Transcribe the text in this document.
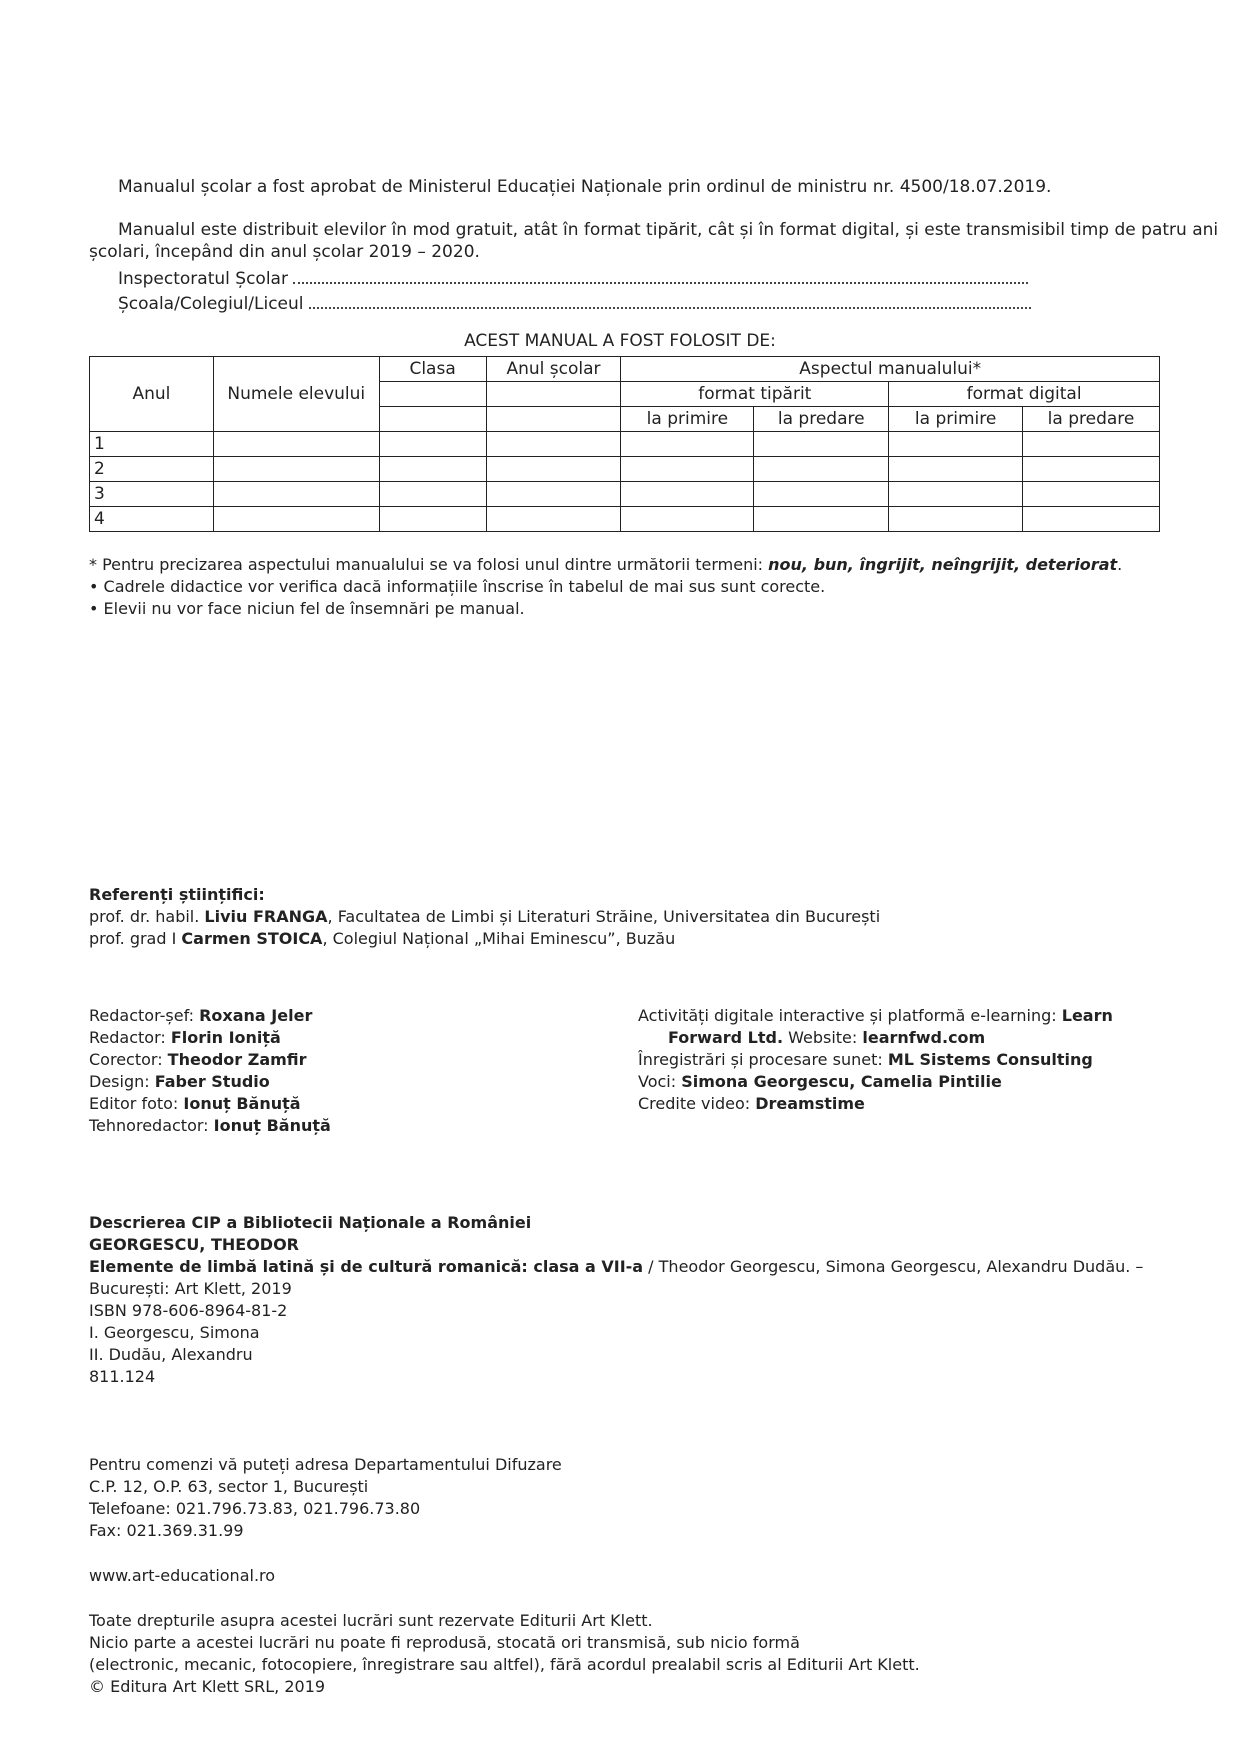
Manualul școlar a fost aprobat de Ministerul Educației Naționale prin ordinul de ministru nr. 4500/18.07.2019.
Manualul este distribuit elevilor în mod gratuit, atât în format tipărit, cât și în format digital, și este transmisibil timp de patru ani
școlari, începând din anul școlar 2019 – 2020.
Inspectoratul Școlar
Școala/Colegiul/Liceul
ACEST MANUAL A FOST FOLOSIT DE:
Anul	Numele elevului	Clasa	Anul școlar	Aspectul manualului*			
				format tipărit		format digital	
				la primire	la predare	la primire	la predare
1							
2							
3							
4							
* Pentru precizarea aspectului manualului se va folosi unul dintre următorii termeni: nou, bun, îngrijit, neîngrijit, deteriorat.
• Cadrele didactice vor verifica dacă informațiile înscrise în tabelul de mai sus sunt corecte.
• Elevii nu vor face niciun fel de însemnări pe manual.
Referenți științifici:
prof. dr. habil. Liviu FRANGA, Facultatea de Limbi și Literaturi Străine, Universitatea din București
prof. grad I Carmen STOICA, Colegiul Național „Mihai Eminescu”, Buzău
Redactor-șef: Roxana Jeler
Redactor: Florin Ioniță
Corector: Theodor Zamfir
Design: Faber Studio
Editor foto: Ionuț Bănuță
Tehnoredactor: Ionuț Bănuță
Activități digitale interactive și platformă e-learning: Learn
Forward Ltd. Website: learnfwd.com
Înregistrări și procesare sunet: ML Sistems Consulting
Voci: Simona Georgescu, Camelia Pintilie
Credite video: Dreamstime
Descrierea CIP a Bibliotecii Naționale a României
GEORGESCU, THEODOR
Elemente de limbă latină și de cultură romanică: clasa a VII-a / Theodor Georgescu, Simona Georgescu, Alexandru Dudău. –
București: Art Klett, 2019
ISBN 978-606-8964-81-2
I. Georgescu, Simona
II. Dudău, Alexandru
811.124
Pentru comenzi vă puteți adresa Departamentului Difuzare
C.P. 12, O.P. 63, sector 1, București
Telefoane: 021.796.73.83, 021.796.73.80
Fax: 021.369.31.99
www.art-educational.ro
Toate drepturile asupra acestei lucrări sunt rezervate Editurii Art Klett.
Nicio parte a acestei lucrări nu poate fi reprodusă, stocată ori transmisă, sub nicio formă
(electronic, mecanic, fotocopiere, înregistrare sau altfel), fără acordul prealabil scris al Editurii Art Klett.
© Editura Art Klett SRL, 2019
